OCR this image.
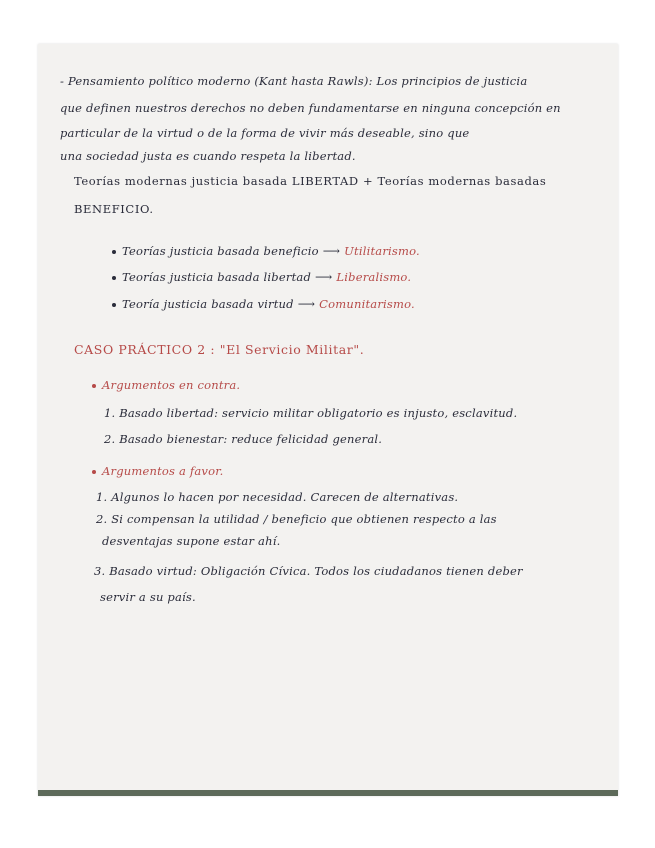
- Pensamiento político moderno (Kant hasta Rawls): Los principios de justicia
que definen nuestros derechos no deben fundamentarse en ninguna concepción en
particular de la virtud o de la forma de vivir más deseable, sino que
una sociedad justa es cuando respeta la libertad.
Teorías modernas justicia basada LIBERTAD + Teorías modernas basadas
BENEFICIO.
Teorías justicia basada beneficio ⟶ Utilitarismo.
Teorías justicia basada libertad ⟶ Liberalismo.
Teoría justicia basada virtud ⟶ Comunitarismo.
CASO PRÁCTICO 2 : "El Servicio Militar".
Argumentos en contra.
1. Basado libertad: servicio militar obligatorio es injusto, esclavitud.
2. Basado bienestar: reduce felicidad general.
Argumentos a favor.
1. Algunos lo hacen por necesidad. Carecen de alternativas.
2. Si compensan la utilidad / beneficio que obtienen respecto a las
desventajas supone estar ahí.
3. Basado virtud: Obligación Cívica. Todos los ciudadanos tienen deber
servir a su país.
